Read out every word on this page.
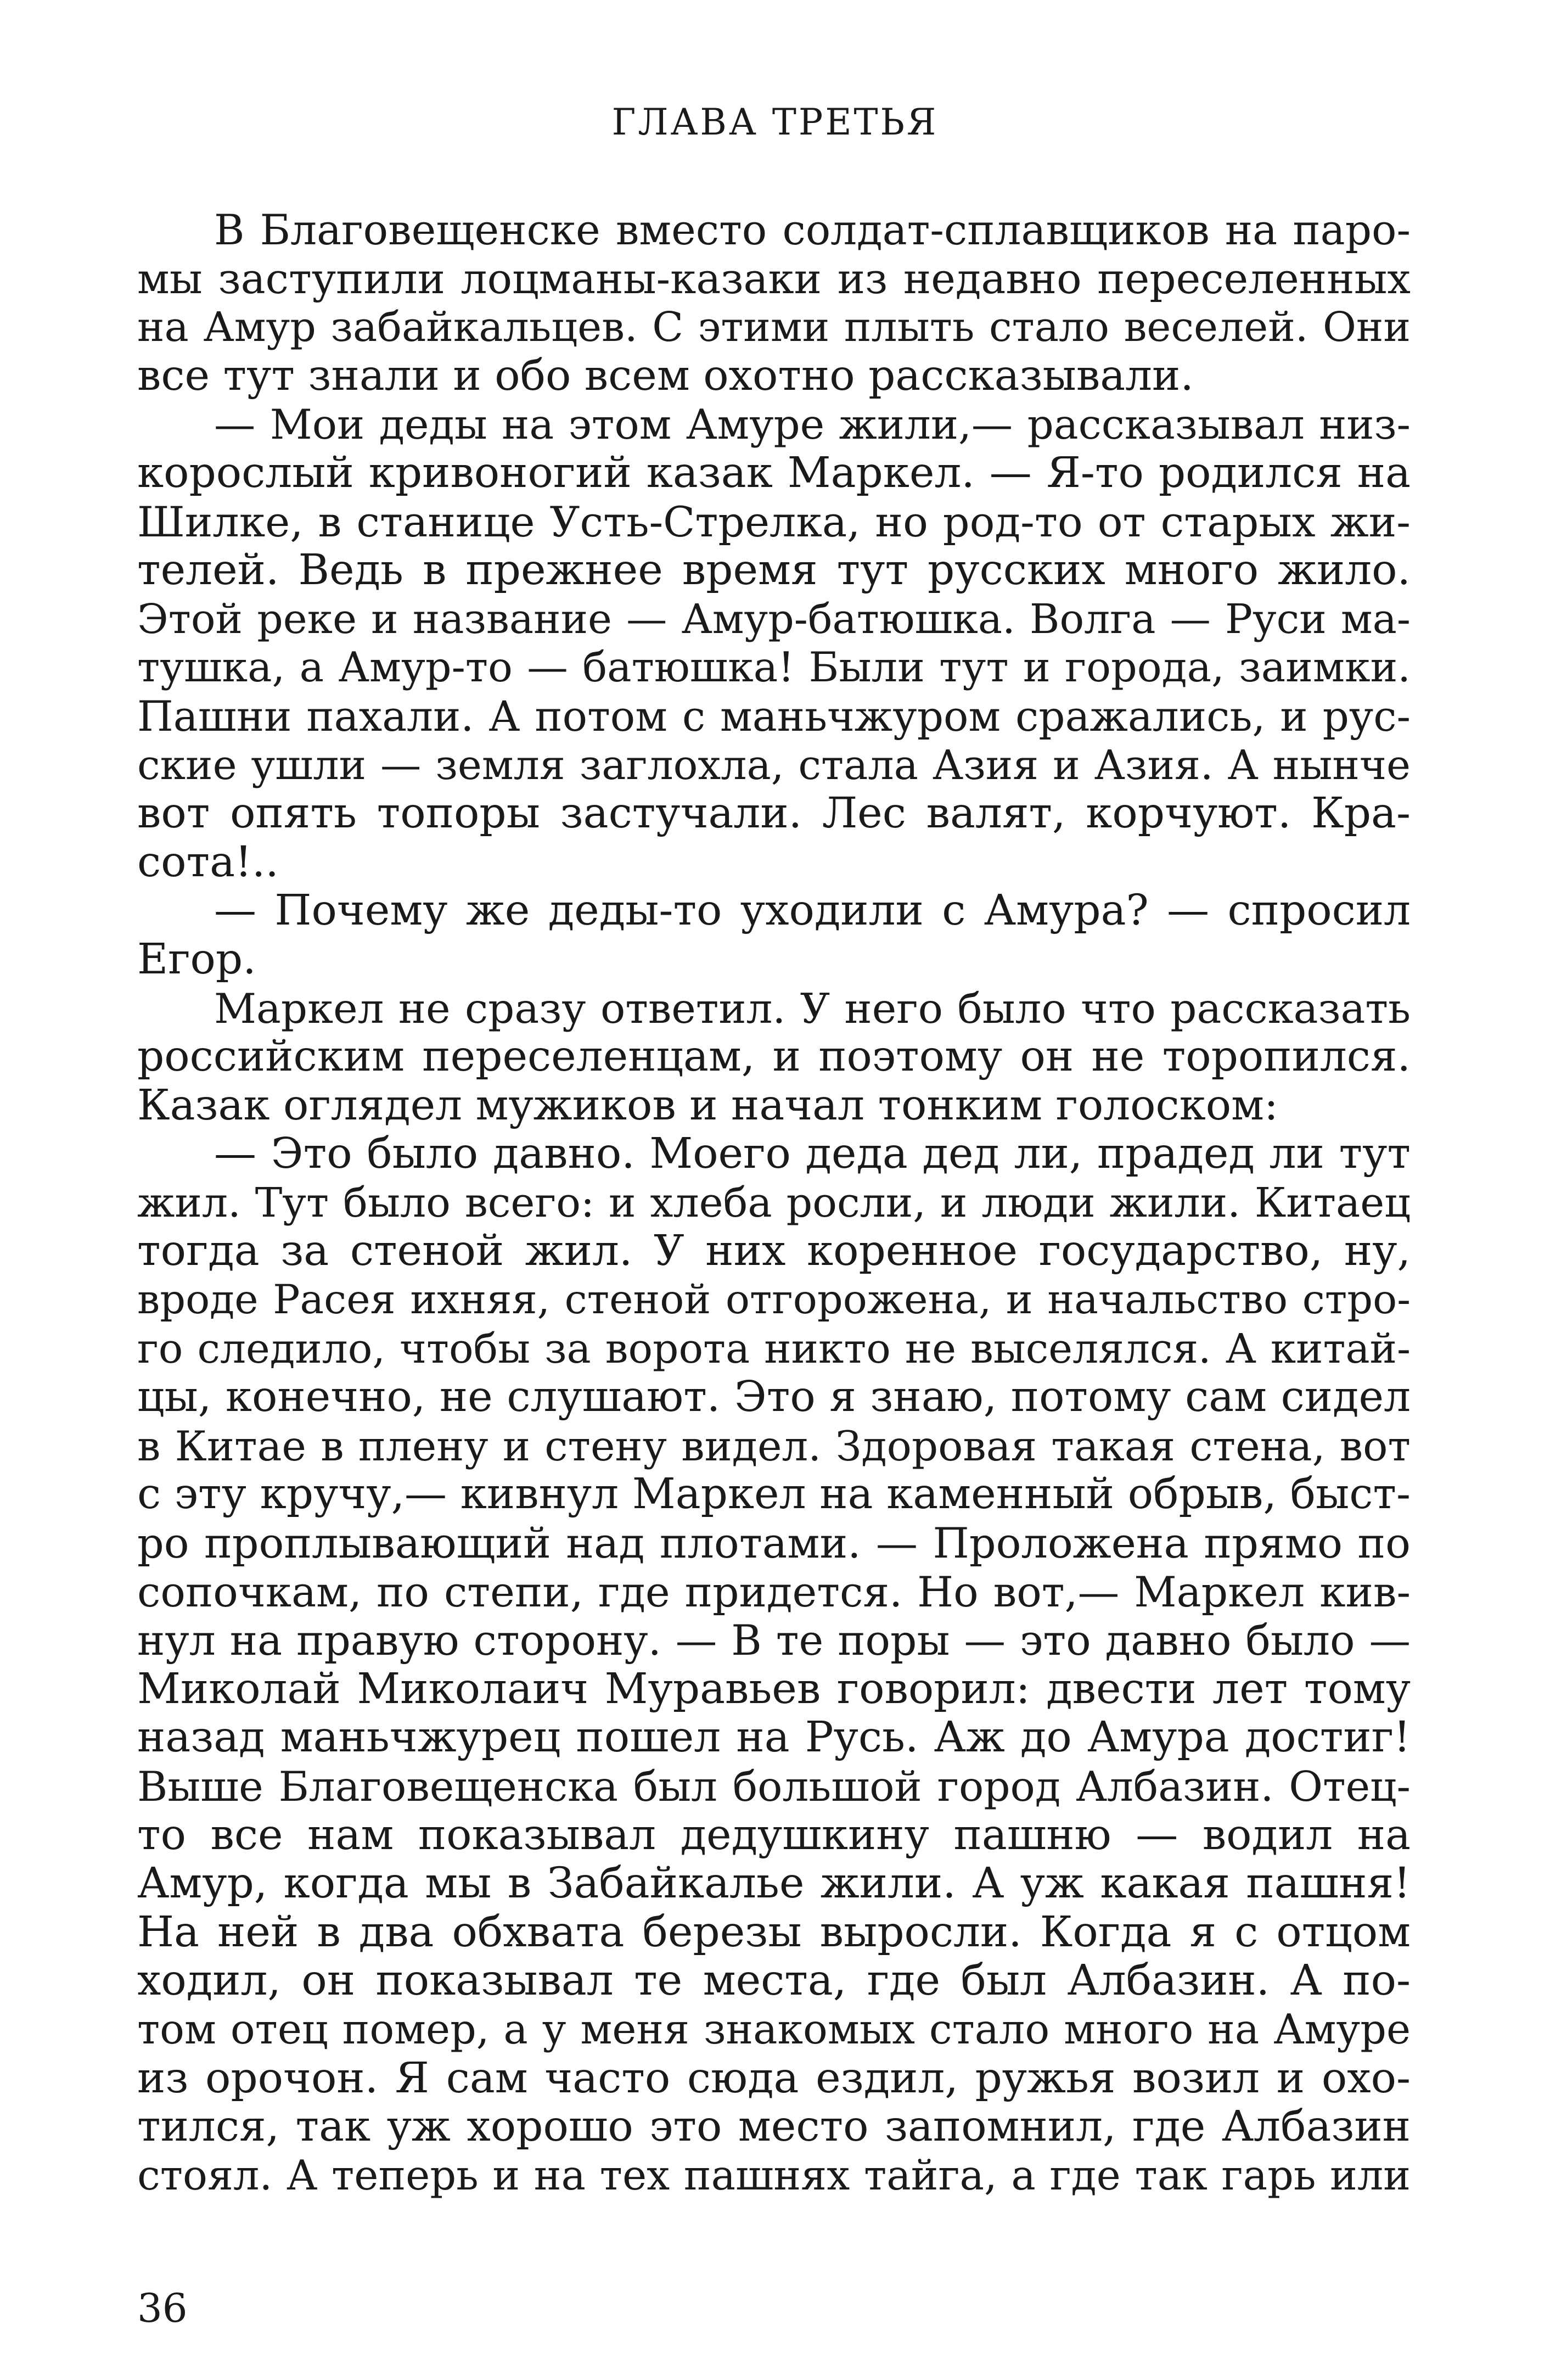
ГЛАВА ТРЕТЬЯ
В Благовещенске вместо солдат-сплавщиков на паро-
мы заступили лоцманы-казаки из недавно переселенных
на Амур забайкальцев. С этими плыть стало веселей. Они
все тут знали и обо всем охотно рассказывали.
— Мои деды на этом Амуре жили,— рассказывал низ-
корослый кривоногий казак Маркел. — Я-то родился на
Шилке, в станице Усть-Стрелка, но род-то от старых жи-
телей. Ведь в прежнее время тут русских много жило.
Этой реке и название — Амур-батюшка. Волга — Руси ма-
тушка, а Амур-то — батюшка! Были тут и города, заимки.
Пашни пахали. А потом с маньчжуром сражались, и рус-
ские ушли — земля заглохла, стала Азия и Азия. А нынче
вот опять топоры застучали. Лес валят, корчуют. Кра-
сота!..
— Почему же деды-то уходили с Амура? — спросил
Егор.
Маркел не сразу ответил. У него было что рассказать
российским переселенцам, и поэтому он не торопился.
Казак оглядел мужиков и начал тонким голоском:
— Это было давно. Моего деда дед ли, прадед ли тут
жил. Тут было всего: и хлеба росли, и люди жили. Китаец
тогда за стеной жил. У них коренное государство, ну,
вроде Расея ихняя, стеной отгорожена, и начальство стро-
го следило, чтобы за ворота никто не выселялся. А китай-
цы, конечно, не слушают. Это я знаю, потому сам сидел
в Китае в плену и стену видел. Здоровая такая стена, вот
с эту кручу,— кивнул Маркел на каменный обрыв, быст-
ро проплывающий над плотами. — Проложена прямо по
сопочкам, по степи, где придется. Но вот,— Маркел кив-
нул на правую сторону. — В те поры — это давно было —
Миколай Миколаич Муравьев говорил: двести лет тому
назад маньчжурец пошел на Русь. Аж до Амура достиг!
Выше Благовещенска был большой город Албазин. Отец-
то все нам показывал дедушкину пашню — водил на
Амур, когда мы в Забайкалье жили. А уж какая пашня!
На ней в два обхвата березы выросли. Когда я с отцом
ходил, он показывал те места, где был Албазин. А по-
том отец помер, а у меня знакомых стало много на Амуре
из орочон. Я сам часто сюда ездил, ружья возил и охо-
тился, так уж хорошо это место запомнил, где Албазин
стоял. А теперь и на тех пашнях тайга, а где так гарь или
36
